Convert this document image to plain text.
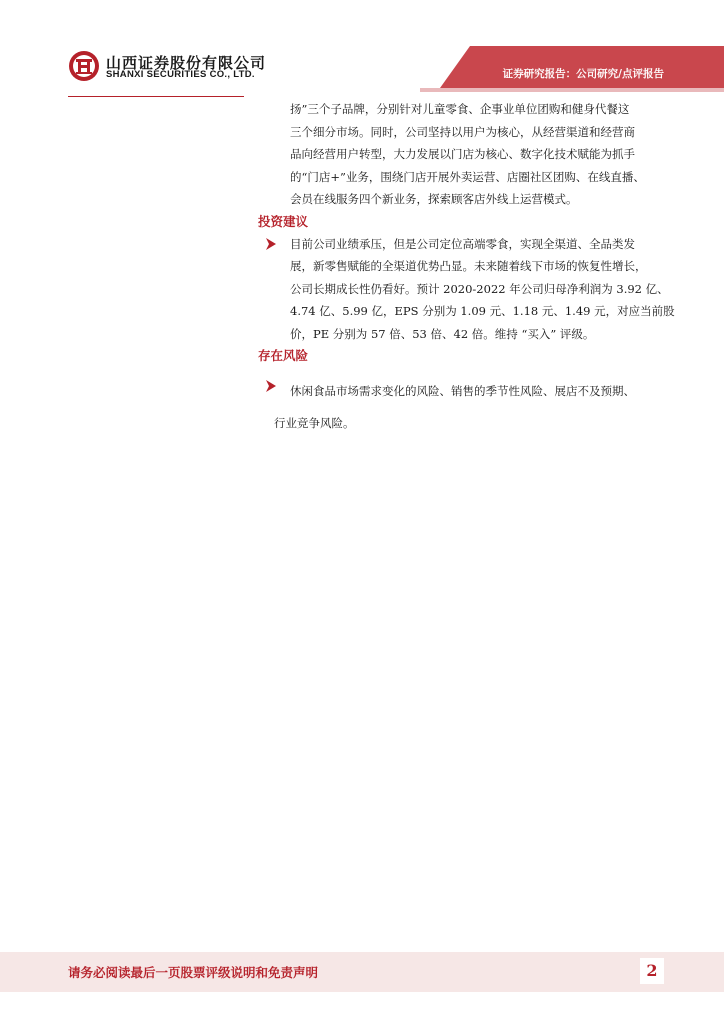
山西证券股份有限公司
SHANXI SECURITIES CO., LTD.	证券研究报告：公司研究/点评报告
扬”三个子品牌，分别针对儿童零食、企事业单位团购和健身代餐这
三个细分市场。同时，公司坚持以用户为核心，从经营渠道和经营商
品向经营用户转型，大力发展以门店为核心、数字化技术赋能为抓手
的“门店+”业务，围绕门店开展外卖运营、店圈社区团购、在线直播、
会员在线服务四个新业务，探索顾客店外线上运营模式。
投资建议
目前公司业绩承压，但是公司定位高端零食，实现全渠道、全品类发
展，新零售赋能的全渠道优势凸显。未来随着线下市场的恢复性增长，
公司长期成长性仍看好。预计 2020-2022 年公司归母净利润为 3.92 亿、
4.74 亿、5.99 亿，EPS 分别为 1.09 元、1.18 元、1.49 元，对应当前股
价，PE 分别为 57 倍、53 倍、42 倍。维持 “买入” 评级。
存在风险
休闲食品市场需求变化的风险、销售的季节性风险、展店不及预期、
行业竞争风险。
请务必阅读最后一页股票评级说明和免责声明	2
